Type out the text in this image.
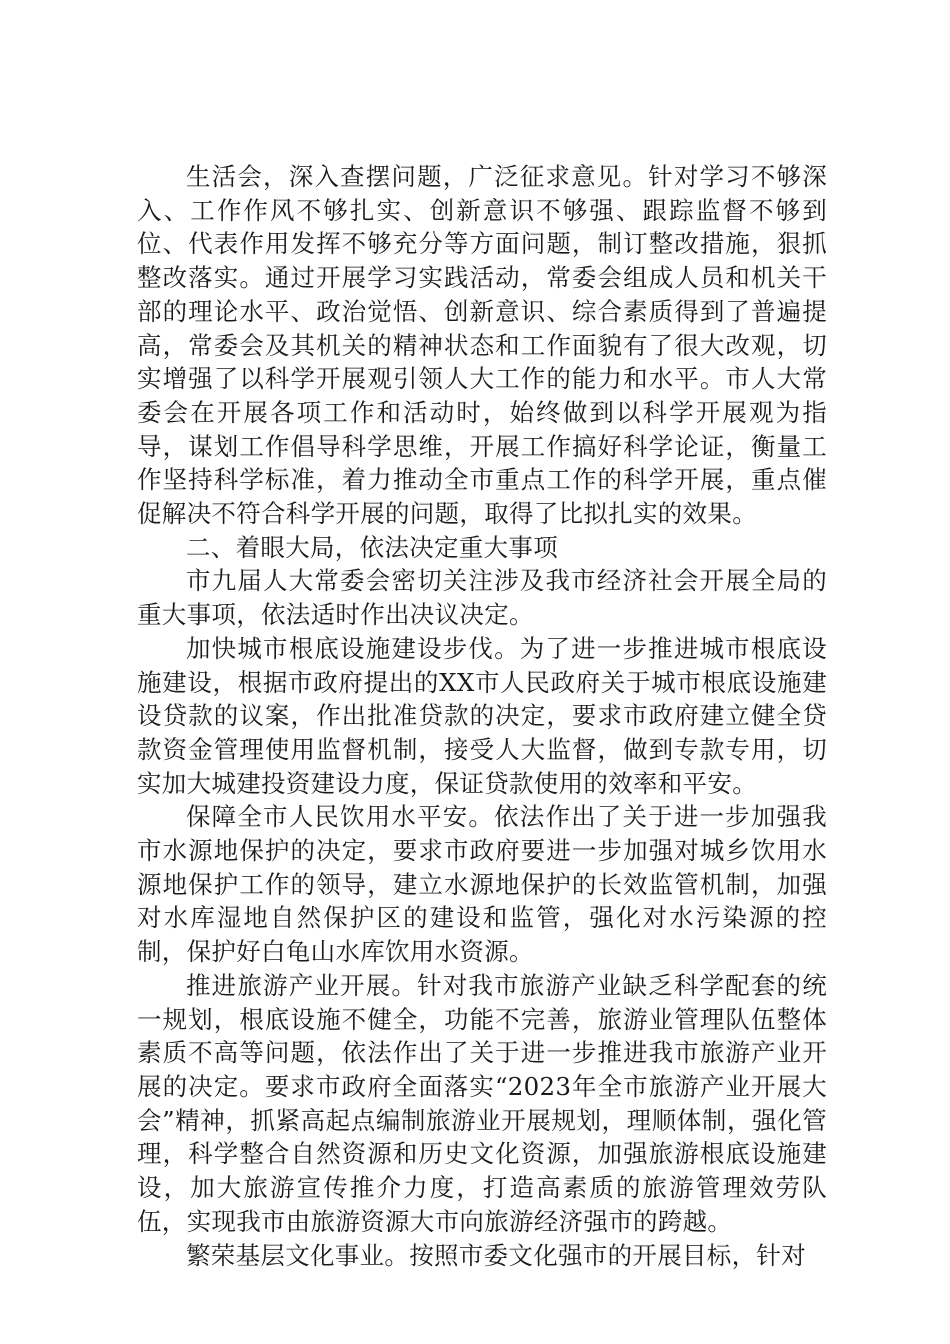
生活会，深入查摆问题，广泛征求意见。针对学习不够深入、工作作风不够扎实、创新意识不够强、跟踪监督不够到位、代表作用发挥不够充分等方面问题，制订整改措施，狠抓整改落实。通过开展学习实践活动，常委会组成人员和机关干部的理论水平、政治觉悟、创新意识、综合素质得到了普遍提高，常委会及其机关的精神状态和工作面貌有了很大改观，切实增强了以科学开展观引领人大工作的能力和水平。市人大常委会在开展各项工作和活动时，始终做到以科学开展观为指导，谋划工作倡导科学思维，开展工作搞好科学论证，衡量工作坚持科学标准，着力推动全市重点工作的科学开展，重点催促解决不符合科学开展的问题，取得了比拟扎实的效果。

二、着眼大局，依法决定重大事项

市九届人大常委会密切关注涉及我市经济社会开展全局的重大事项，依法适时作出决议决定。

加快城市根底设施建设步伐。为了进一步推进城市根底设施建设，根据市政府提出的XX市人民政府关于城市根底设施建设贷款的议案，作出批准贷款的决定，要求市政府建立健全贷款资金管理使用监督机制，接受人大监督，做到专款专用，切实加大城建投资建设力度，保证贷款使用的效率和平安。

保障全市人民饮用水平安。依法作出了关于进一步加强我市水源地保护的决定，要求市政府要进一步加强对城乡饮用水源地保护工作的领导，建立水源地保护的长效监管机制，加强对水库湿地自然保护区的建设和监管，强化对水污染源的控制，保护好白龟山水库饮用水资源。

推进旅游产业开展。针对我市旅游产业缺乏科学配套的统一规划，根底设施不健全，功能不完善，旅游业管理队伍整体素质不高等问题，依法作出了关于进一步推进我市旅游产业开展的决定。要求市政府全面落实“2023年全市旅游产业开展大会”精神，抓紧高起点编制旅游业开展规划，理顺体制，强化管理，科学整合自然资源和历史文化资源，加强旅游根底设施建设，加大旅游宣传推介力度，打造高素质的旅游管理效劳队伍，实现我市由旅游资源大市向旅游经济强市的跨越。

繁荣基层文化事业。按照市委文化强市的开展目标，针对
